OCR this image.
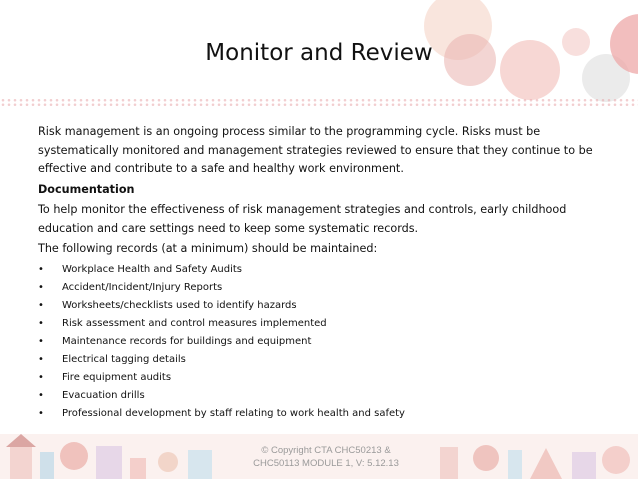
Monitor and Review

Risk management is an ongoing process similar to the programming cycle. Risks must be systematically monitored and management strategies reviewed to ensure that they continue to be effective and contribute to a safe and healthy work environment.

Documentation

To help monitor the effectiveness of risk management strategies and controls, early childhood education and care settings need to keep some systematic records.

The following records (at a minimum) should be maintained:

• Workplace Health and Safety Audits
• Accident/Incident/Injury Reports
• Worksheets/checklists used to identify hazards
• Risk assessment and control measures implemented
• Maintenance records for buildings and equipment
• Electrical tagging details
• Fire equipment audits
• Evacuation drills
• Professional development by staff relating to work health and safety
© Copyright CTA CHC50213 &
CHC50113 MODULE 1, V: 5.12.13
